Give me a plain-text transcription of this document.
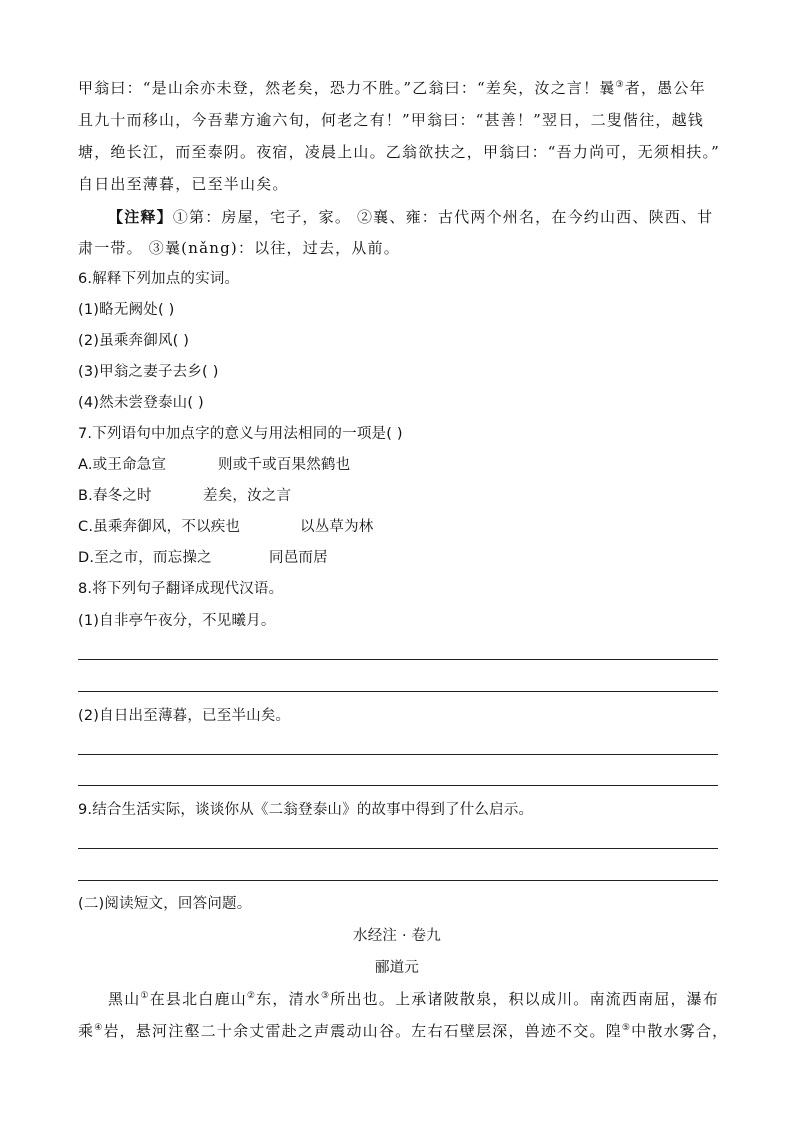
甲翁曰：“是山余亦未登，然老矣，恐力不胜。”乙翁曰：“差矣，汝之言！曩③者，愚公年
且九十而移山，今吾辈方逾六旬，何老之有！”甲翁曰：“甚善！”翌日，二叟偕往，越钱
塘，绝长江，而至泰阴。夜宿，凌晨上山。乙翁欲扶之，甲翁曰：“吾力尚可，无须相扶。”
自日出至薄暮，已至半山矣。
【注释】①第：房屋，宅子，家。 ②襄、雍：古代两个州名，在今约山西、陕西、甘
肃一带。 ③曩(nǎng)：以往，过去，从前。
6.解释下列加点的实词。
(1)略无阙处( )
(2)虽乘奔御风( )
(3)甲翁之妻子去乡( )
(4)然未尝登泰山( )
7.下列语句中加点字的意义与用法相同的一项是( )
A.或王命急宣	则或千或百果然鹤也
B.春冬之时	差矣，汝之言
C.虽乘奔御风，不以疾也	以丛草为林
D.至之市，而忘操之	同邑而居
8.将下列句子翻译成现代汉语。
(1)自非亭午夜分，不见曦月。
(2)自日出至薄暮，已至半山矣。
9.结合生活实际，谈谈你从《二翁登泰山》的故事中得到了什么启示。
(二)阅读短文，回答问题。
水经注 · 卷九
郦道元
黑山①在县北白鹿山②东，清水③所出也。上承诸陂散泉，积以成川。南流西南屈，瀑布
乘④岩，悬河注壑二十余丈雷赴之声震动山谷。左右石壁层深，兽迹不交。隍⑤中散水雾合，
